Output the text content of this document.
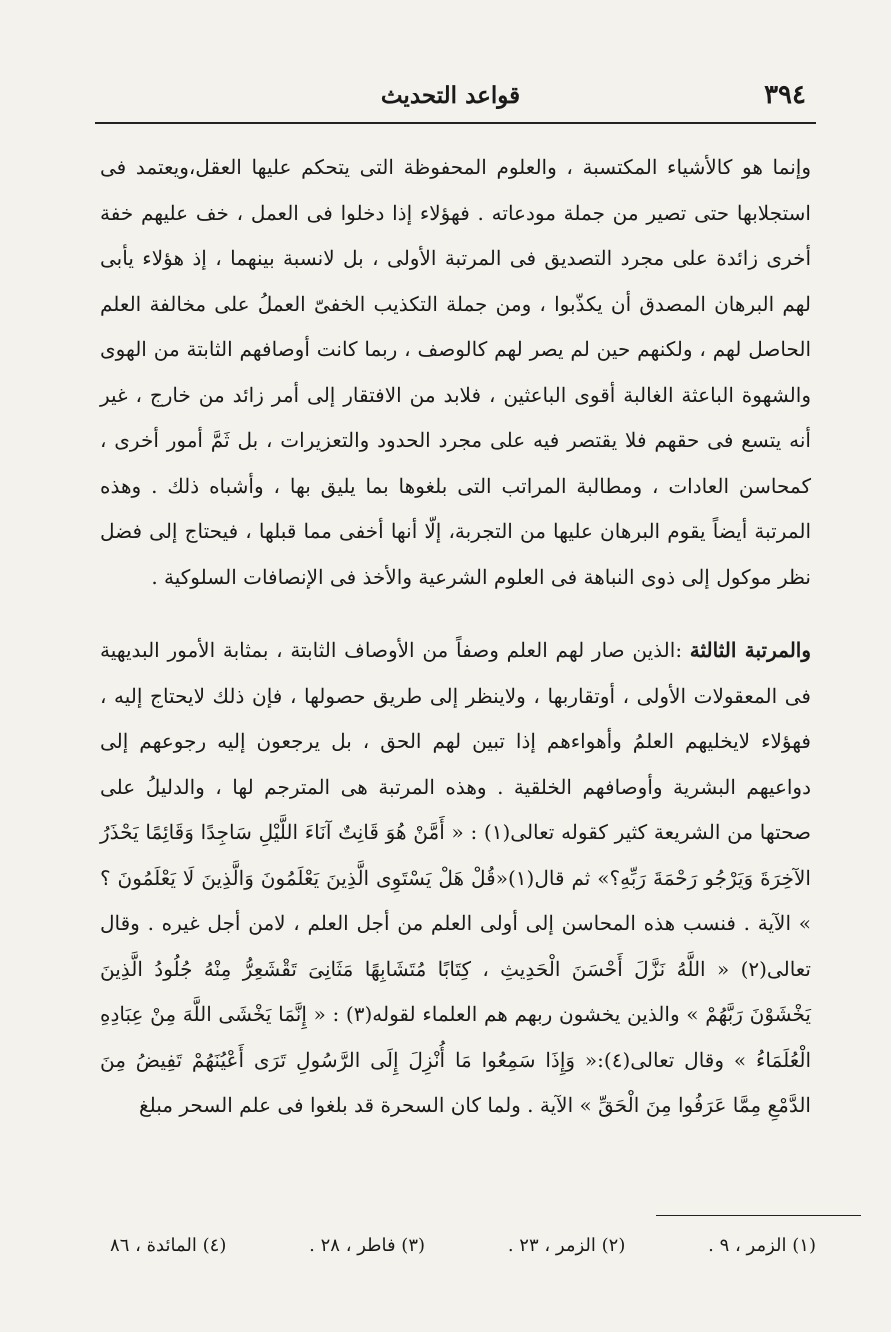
٣٩٤
قواعد التحديث

وإنما هو كالأشياء المكتسبة ، والعلوم المحفوظة التى يتحكم عليها العقل،ويعتمد فى استجلابها حتى تصير من جملة مودعاته . فهؤلاء إذا دخلوا فى العمل ، خف عليهم خفة أخرى زائدة على مجرد التصديق فى المرتبة الأولى ، بل لانسبة بينهما ، إذ هؤلاء يأبى لهم البرهان المصدق أن يكذّبوا ، ومن جملة التكذيب الخفىّ العملُ على مخالفة العلم الحاصل لهم ، ولكنهم حين لم يصر لهم كالوصف ، ربما كانت أوصافهم الثابتة من الهوى والشهوة الباعثة الغالبة أقوى الباعثين ، فلابد من الافتقار إلى أمر زائد من خارج ، غير أنه يتسع فى حقهم فلا يقتصر فيه على مجرد الحدود والتعزيرات ، بل ثَمَّ أمور أخرى ، كمحاسن العادات ، ومطالبة المراتب التى بلغوها بما يليق بها ، وأشباه ذلك . وهذه المرتبة أيضاً يقوم البرهان عليها من التجربة، إلّا أنها أخفى مما قبلها ، فيحتاج إلى فضل نظر موكول إلى ذوى النباهة فى العلوم الشرعية والأخذ فى الإنصافات السلوكية .

والمرتبة الثالثة :الذين صار لهم العلم وصفاً من الأوصاف الثابتة ، بمثابة الأمور البديهية فى المعقولات الأولى ، أوتقاربها ، ولاينظر إلى طريق حصولها ، فإن ذلك لايحتاج إليه ، فهؤلاء لايخليهم العلمُ وأهواءهم إذا تبين لهم الحق ، بل يرجعون إليه رجوعهم إلى دواعيهم البشرية وأوصافهم الخلقية . وهذه المرتبة هى المترجم لها ، والدليلُ على صحتها من الشريعة كثير كقوله تعالى(١) : « أَمَّنْ هُوَ قَانِتٌ آنَاءَ اللَّيْلِ سَاجِدًا وَقَائِمًا يَحْذَرُ الآخِرَةَ وَيَرْجُو رَحْمَةَ رَبِّهِ؟» ثم قال(١)«قُلْ هَلْ يَسْتَوِى الَّذِينَ يَعْلَمُونَ وَالَّذِينَ لَا يَعْلَمُونَ ؟ » الآية . فنسب هذه المحاسن إلى أولى العلم من أجل العلم ، لامن أجل غيره . وقال تعالى(٢) « اللَّهُ نَزَّلَ أَحْسَنَ الْحَدِيثِ ، كِتَابًا مُتَشَابِهًا مَثَانِىَ تَقْشَعِرُّ مِنْهُ جُلُودُ الَّذِينَ يَخْشَوْنَ رَبَّهُمْ » والذين يخشون ربهم هم العلماء لقوله(٣) : « إِنَّمَا يَخْشَى اللَّهَ مِنْ عِبَادِهِ الْعُلَمَاءُ » وقال تعالى(٤):« وَإِذَا سَمِعُوا مَا أُنْزِلَ إِلَى الرَّسُولِ تَرَى أَعْيُنَهُمْ تَفِيضُ مِنَ الدَّمْعِ مِمَّا عَرَفُوا مِنَ الْحَقِّ » الآية . ولما كان السحرة قد بلغوا فى علم السحر مبلغ

(١) الزمر ، ٩ .
(٢) الزمر ، ٢٣ .
(٣) فاطر ، ٢٨ .
(٤) المائدة ، ٨٦
